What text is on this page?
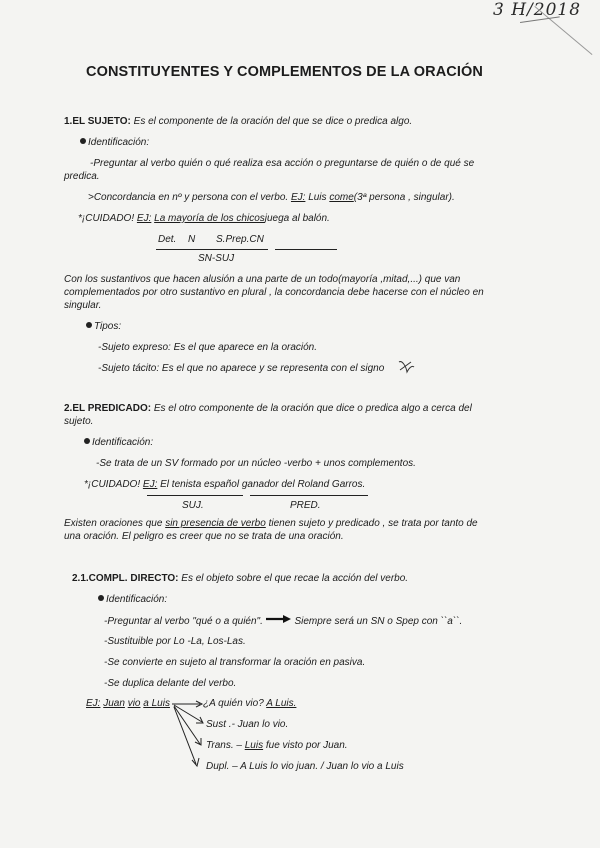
3 H/2018
CONSTITUYENTES Y COMPLEMENTOS DE LA ORACIÓN
1.EL SUJETO: Es el componente de la oración del que se dice o predica algo.
Identificación:
-Preguntar al verbo quién o qué realiza esa acción o preguntarse de quién o de qué se
predica.
>Concordancia en nº y persona con el verbo. EJ: Luis come(3ª persona , singular).
*¡CUIDADO! EJ: La mayoría de los chicosjuega al balón.
Det. N S.Prep.CN
SN-SUJ
Con los sustantivos que hacen alusión a una parte de un todo(mayoría ,mitad,...) que van
complementados por otro sustantivo en plural , la concordancia debe hacerse con el núcleo en
singular.
Tipos:
-Sujeto expreso: Es el que aparece en la oración.
-Sujeto tácito: Es el que no aparece y se representa con el signo
2.EL PREDICADO: Es el otro componente de la oración que dice o predica algo a cerca del
sujeto.
Identificación:
-Se trata de un SV formado por un núcleo -verbo + unos complementos.
*¡CUIDADO! EJ: El tenista español ganador del Roland Garros.
SUJ.	PRED.
Existen oraciones que sin presencia de verbo tienen sujeto y predicado , se trata por tanto de
una oración. El peligro es creer que no se trata de una oración.
2.1.COMPL. DIRECTO: Es el objeto sobre el que recae la acción del verbo.
Identificación:
-Preguntar al verbo "qué o a quién".	Siempre será un SN o Spep con ``a``.
-Sustituible por Lo -La, Los-Las.
-Se convierte en sujeto al transformar la oración en pasiva.
-Se duplica delante del verbo.
EJ: Juan vio a Luis	¿A quién vio? A Luis.
Sust .- Juan lo vio.
Trans. – Luis fue visto por Juan.
Dupl. – A Luis lo vio juan. / Juan lo vio a Luis
